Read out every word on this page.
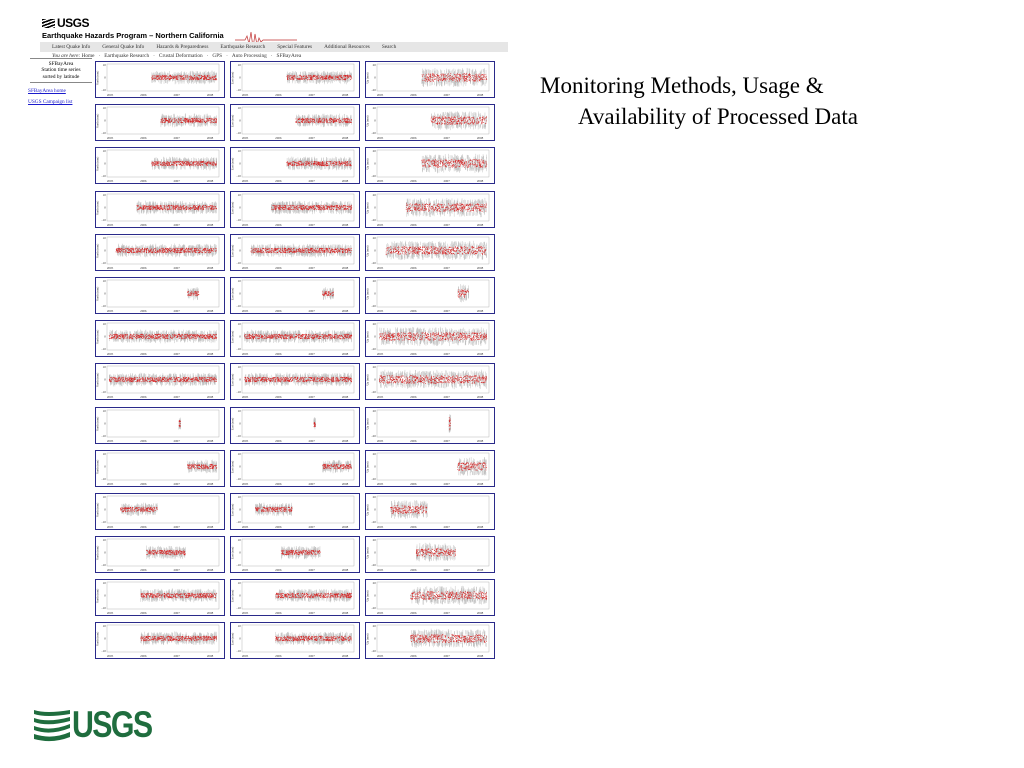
USGS
Earthquake Hazards Program – Northern California
Latest Quake Info General Quake Info Hazards & Preparedness Earthquake Research Special Features Additional Resources Search
You are here: Home · Earthquake Research · Crustal Deformation · GPS · Auto Processing · SFBayArea
SFBayArea
Station time series
sorted by latitude
SFBayArea home
USGS Campaign list
North (mm)
10
0
-10
2005	2006	2007	2008
East (mm)
10
0
-10
2005	2006	2007	2008
Up (mm)
20
0
-20
2005	2006	2007	2008
North (mm)
10
0
-10
2005	2006	2007	2008
East (mm)
10
0
-10
2005	2006	2007	2008
Up (mm)
20
0
-20
2005	2006	2007	2008
North (mm)
10
0
-10
2005	2006	2007	2008
East (mm)
10
0
-10
2005	2006	2007	2008
Up (mm)
20
0
-20
2005	2006	2007	2008
North (mm)
10
0
-10
2005	2006	2007	2008
East (mm)
10
0
-10
2005	2006	2007	2008
Up (mm)
20
0
-20
2005	2006	2007	2008
North (mm)
10
0
-10
2005	2006	2007	2008
East (mm)
10
0
-10
2005	2006	2007	2008
Up (mm)
20
0
-20
2005	2006	2007	2008
North (mm)
10
0
-10
2005	2006	2007	2008
East (mm)
10
0
-10
2005	2006	2007	2008
Up (mm)
20
0
-20
2005	2006	2007	2008
North (mm)
10
0
-10
2005	2006	2007	2008
East (mm)
10
0
-10
2005	2006	2007	2008
Up (mm)
20
0
-20
2005	2006	2007	2008
North (mm)
10
0
-10
2005	2006	2007	2008
East (mm)
10
0
-10
2005	2006	2007	2008
Up (mm)
20
0
-20
2005	2006	2007	2008
North (mm)
10
0
-10
2005	2006	2007	2008
East (mm)
10
0
-10
2005	2006	2007	2008
Up (mm)
20
0
-20
2005	2006	2007	2008
North (mm)
10
0
-10
2005	2006	2007	2008
East (mm)
10
0
-10
2005	2006	2007	2008
Up (mm)
20
0
-20
2005	2006	2007	2008
North (mm)
10
0
-10
2005	2006	2007	2008
East (mm)
10
0
-10
2005	2006	2007	2008
Up (mm)
20
0
-20
2005	2006	2007	2008
North (mm)
10
0
-10
2005	2006	2007	2008
East (mm)
10
0
-10
2005	2006	2007	2008
Up (mm)
20
0
-20
2005	2006	2007	2008
North (mm)
10
0
-10
2005	2006	2007	2008
East (mm)
10
0
-10
2005	2006	2007	2008
Up (mm)
20
0
-20
2005	2006	2007	2008
North (mm)
10
0
-10
2005	2006	2007	2008
East (mm)
10
0
-10
2005	2006	2007	2008
Up (mm)
20
0
-20
2005	2006	2007	2008
Monitoring Methods, Usage &
Availability of Processed Data
USGS
